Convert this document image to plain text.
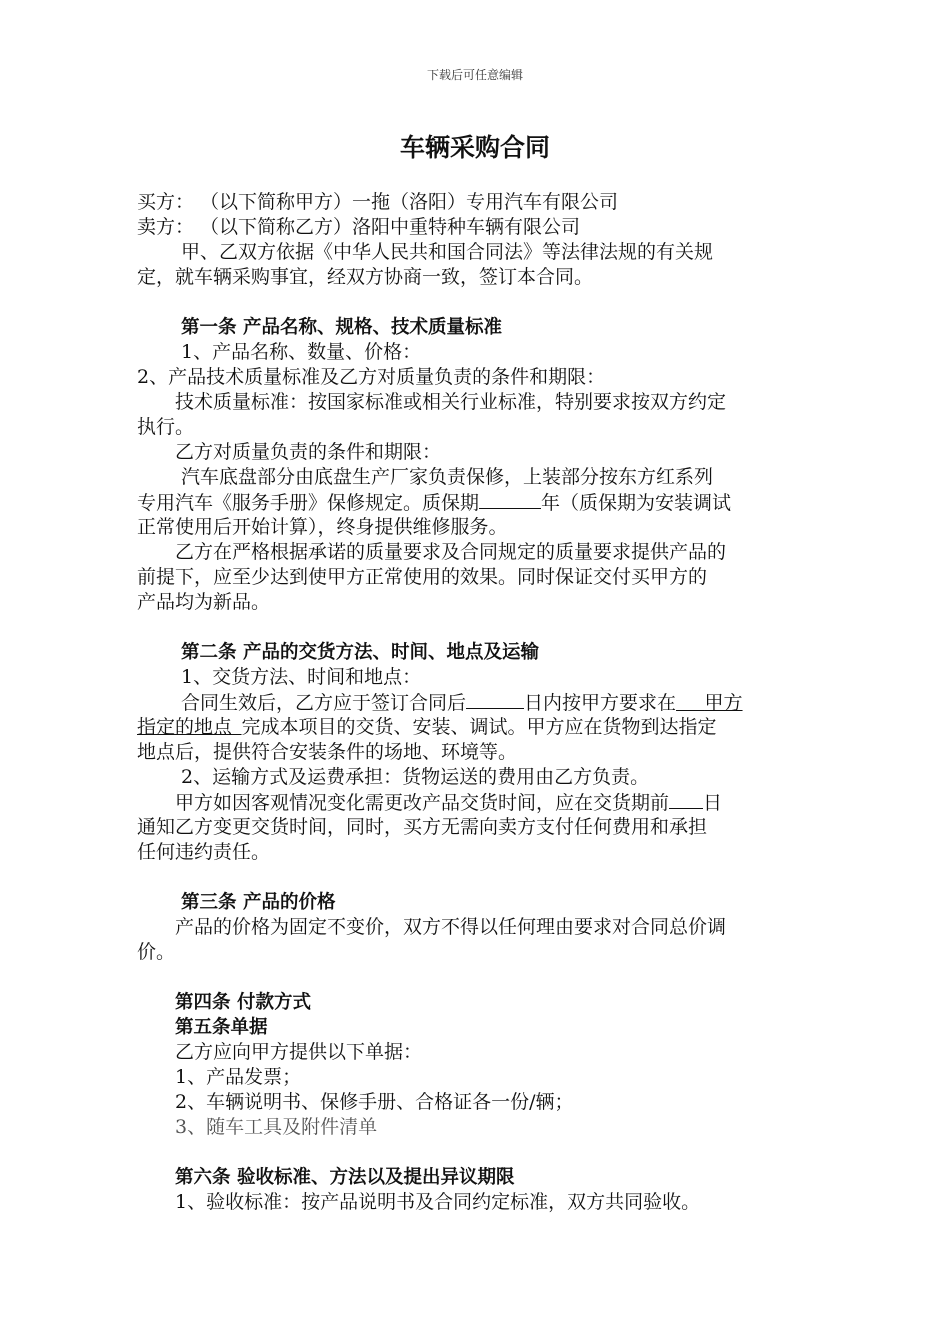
下载后可任意编辑
车辆采购合同
买方： （以下简称甲方）一拖（洛阳）专用汽车有限公司
卖方： （以下简称乙方）洛阳中重特种车辆有限公司
甲、乙双方依据《中华人民共和国合同法》等法律法规的有关规
定，就车辆采购事宜，经双方协商一致，签订本合同。
第一条 产品名称、规格、技术质量标准
1、产品名称、数量、价格：
2、产品技术质量标准及乙方对质量负责的条件和期限：
技术质量标准：按国家标准或相关行业标准，特别要求按双方约定
执行。
乙方对质量负责的条件和期限：
汽车底盘部分由底盘生产厂家负责保修，上装部分按东方红系列
专用汽车《服务手册》保修规定。质保期	年（质保期为安装调试
正常使用后开始计算），终身提供维修服务。
乙方在严格根据承诺的质量要求及合同规定的质量要求提供产品的
前提下，应至少达到使甲方正常使用的效果。同时保证交付买甲方的
产品均为新品。
第二条 产品的交货方法、时间、地点及运输
1、交货方法、时间和地点：
合同生效后，乙方应于签订合同后	日内按甲方要求在   甲方
指定的地点  完成本项目的交货、安装、调试。甲方应在货物到达指定
地点后，提供符合安装条件的场地、环境等。
2、运输方式及运费承担：货物运送的费用由乙方负责。
甲方如因客观情况变化需更改产品交货时间，应在交货期前 日
通知乙方变更交货时间，同时，买方无需向卖方支付任何费用和承担
任何违约责任。
第三条 产品的价格
产品的价格为固定不变价，双方不得以任何理由要求对合同总价调
价。
第四条 付款方式
第五条单据
乙方应向甲方提供以下单据：
1、产品发票；
2、车辆说明书、保修手册、合格证各一份/辆；
3、随车工具及附件清单
第六条 验收标准、方法以及提出异议期限
1、验收标准：按产品说明书及合同约定标准，双方共同验收。
